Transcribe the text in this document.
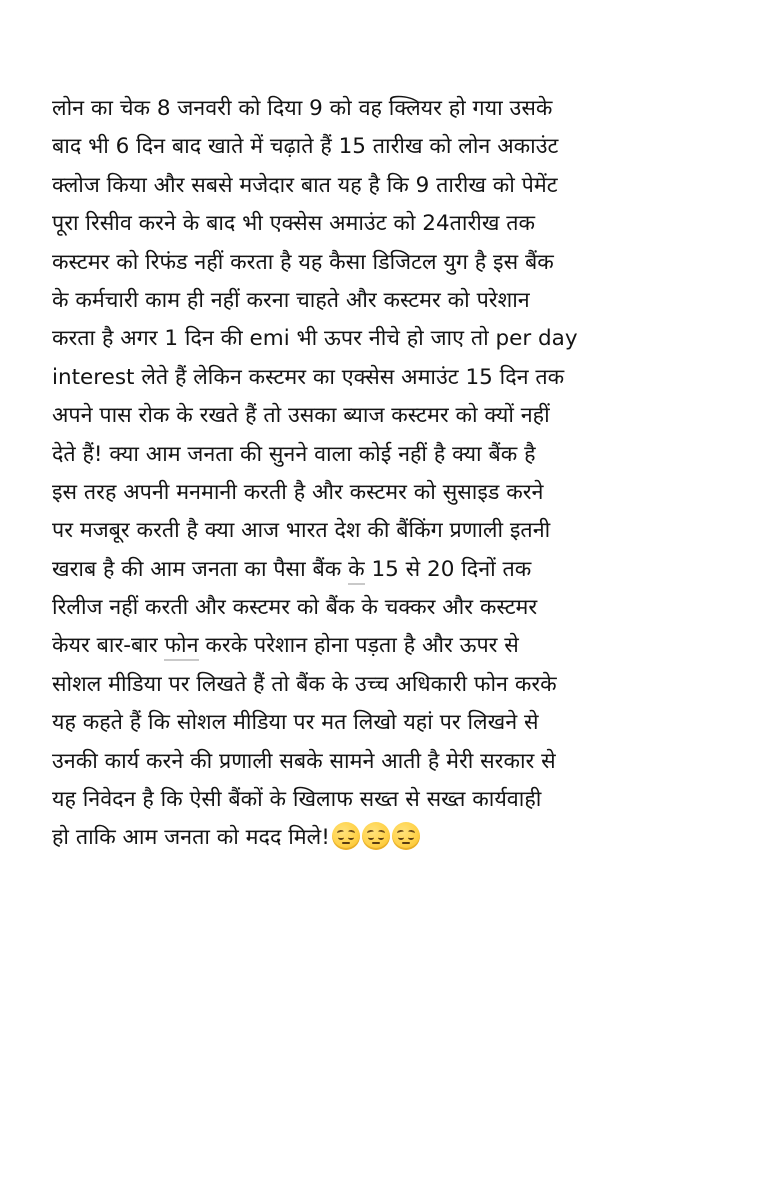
लोन का चेक 8 जनवरी को दिया 9 को वह क्लियर हो गया उसके
बाद भी 6 दिन बाद खाते में चढ़ाते हैं 15 तारीख को लोन अकाउंट
क्लोज किया और सबसे मजेदार बात यह है कि 9 तारीख को पेमेंट
पूरा रिसीव करने के बाद भी एक्सेस अमाउंट को 24तारीख तक
कस्टमर को रिफंड नहीं करता है यह कैसा डिजिटल युग है इस बैंक
के कर्मचारी काम ही नहीं करना चाहते और कस्टमर को परेशान
करता है अगर 1 दिन की emi भी ऊपर नीचे हो जाए तो per day
interest लेते हैं लेकिन कस्टमर का एक्सेस अमाउंट 15 दिन तक
अपने पास रोक के रखते हैं तो उसका ब्याज कस्टमर को क्यों नहीं
देते हैं! क्या आम जनता की सुनने वाला कोई नहीं है क्या बैंक है
इस तरह अपनी मनमानी करती है और कस्टमर को सुसाइड करने
पर मजबूर करती है क्या आज भारत देश की बैंकिंग प्रणाली इतनी
खराब है की आम जनता का पैसा बैंक के 15 से 20 दिनों तक
रिलीज नहीं करती और कस्टमर को बैंक के चक्कर और कस्टमर
केयर बार-बार फोन करके परेशान होना पड़ता है और ऊपर से
सोशल मीडिया पर लिखते हैं तो बैंक के उच्च अधिकारी फोन करके
यह कहते हैं कि सोशल मीडिया पर मत लिखो यहां पर लिखने से
उनकी कार्य करने की प्रणाली सबके सामने आती है मेरी सरकार से
यह निवेदन है कि ऐसी बैंकों के खिलाफ सख्त से सख्त कार्यवाही
हो ताकि आम जनता को मदद मिले!
